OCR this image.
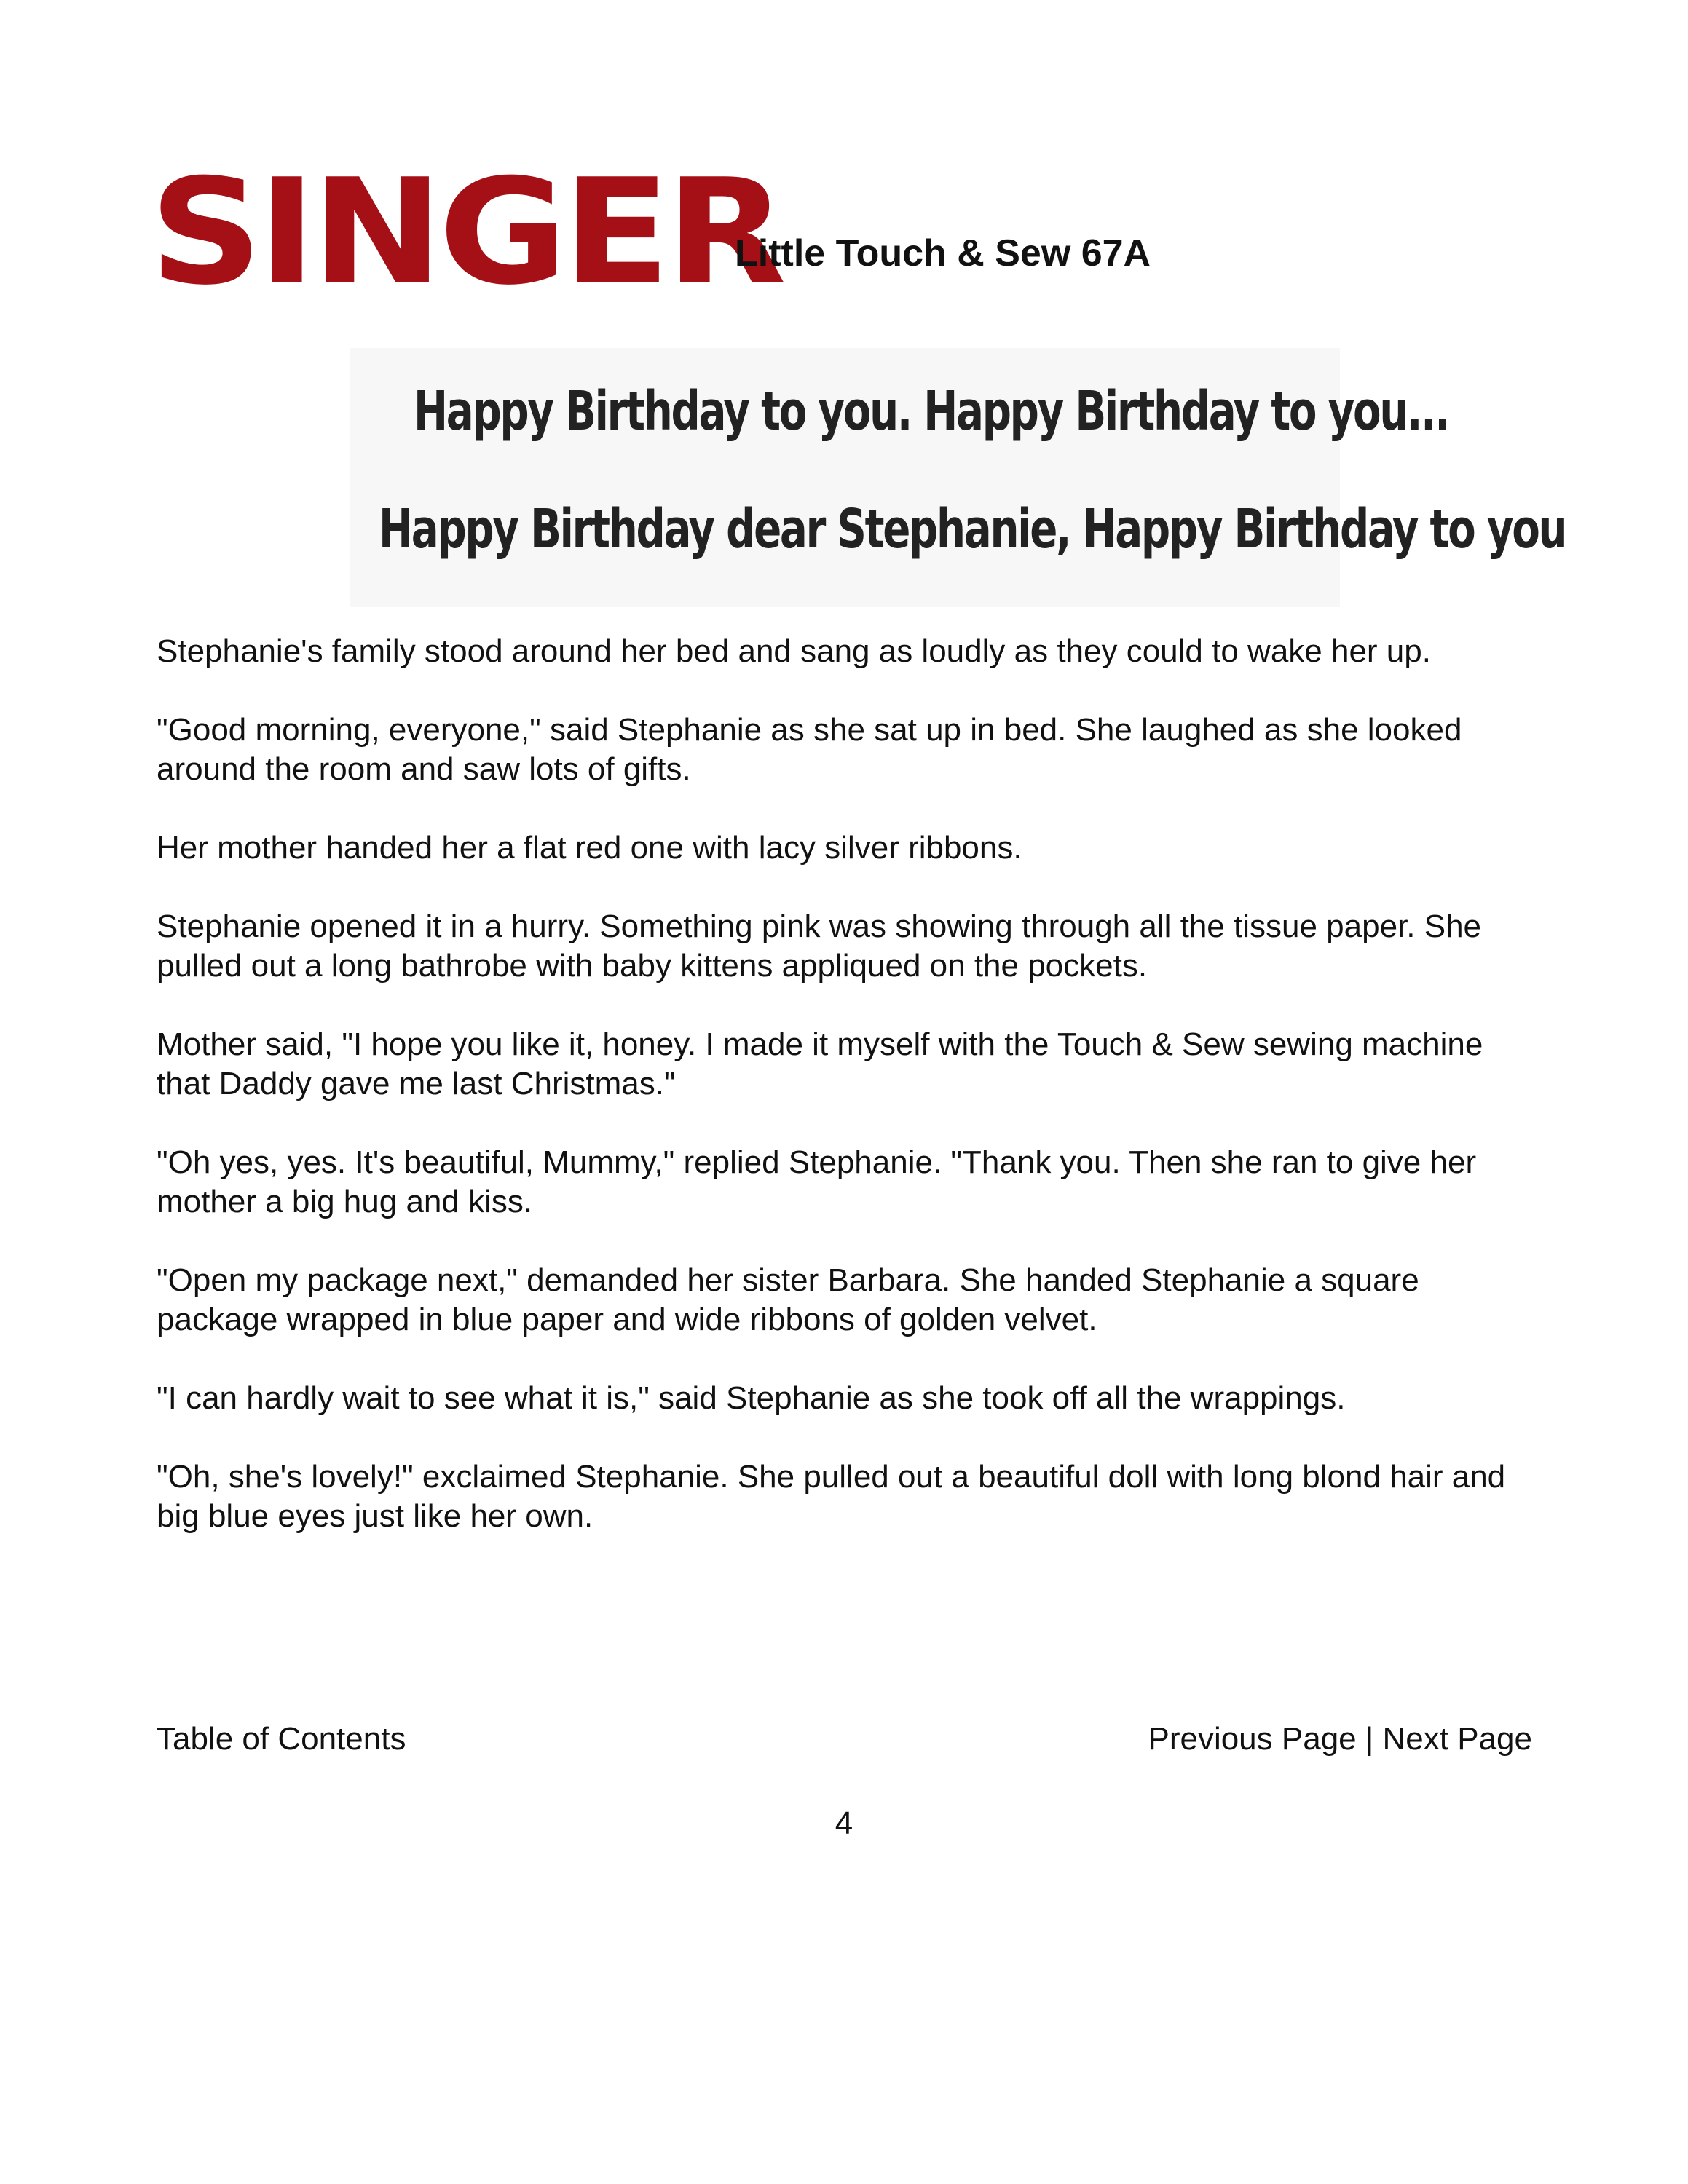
SINGER
Little Touch & Sew 67A
Happy Birthday to you. Happy Birthday to you...
Happy Birthday dear Stephanie, Happy Birthday to you

Stephanie's family stood around her bed and sang as loudly as they could to wake her up.

"Good morning, everyone," said Stephanie as she sat up in bed. She laughed as she looked around the room and saw lots of gifts.

Her mother handed her a flat red one with lacy silver ribbons.

Stephanie opened it in a hurry. Something pink was showing through all the tissue paper. She pulled out a long bathrobe with baby kittens appliqued on the pockets.

Mother said, "I hope you like it, honey. I made it myself with the Touch & Sew sewing machine that Daddy gave me last Christmas."

"Oh yes, yes. It's beautiful, Mummy," replied Stephanie. "Thank you. Then she ran to give her mother a big hug and kiss.

"Open my package next," demanded her sister Barbara. She handed Stephanie a square package wrapped in blue paper and wide ribbons of golden velvet.

"I can hardly wait to see what it is," said Stephanie as she took off all the wrappings.

"Oh, she's lovely!" exclaimed Stephanie. She pulled out a beautiful doll with long blond hair and big blue eyes just like her own.

Table of Contents	Previous Page | Next Page
4
